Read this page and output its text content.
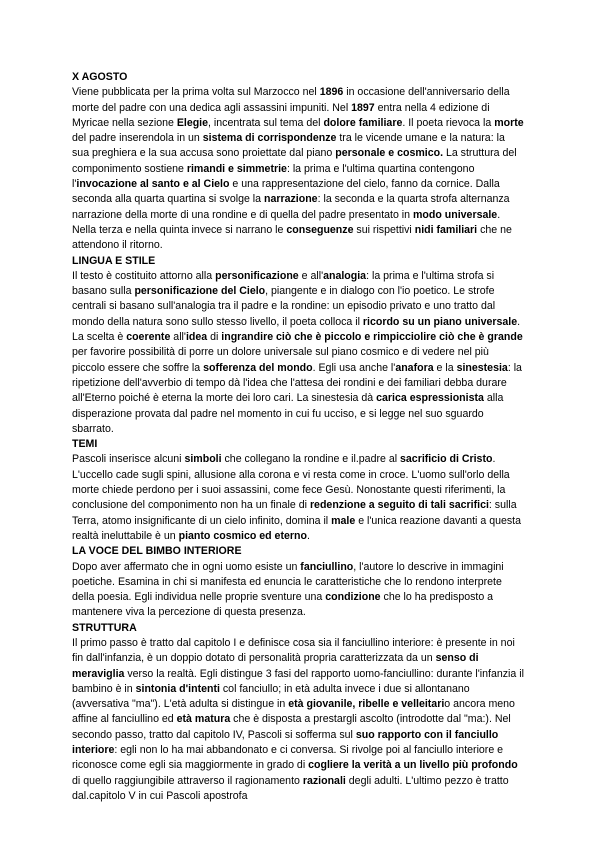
X AGOSTO

Viene pubblicata per la prima volta sul Marzocco nel 1896 in occasione dell'anniversario della morte del padre con una dedica agli assassini impuniti. Nel 1897 entra nella 4 edizione di Myricae nella sezione Elegie, incentrata sul tema del dolore familiare. Il poeta rievoca la morte del padre inserendola in un sistema di corrispondenze tra le vicende umane e la natura: la sua preghiera e la sua accusa sono proiettate dal piano personale e cosmico. La struttura del componimento sostiene rimandi e simmetrie: la prima e l'ultima quartina contengono l'invocazione al santo e al Cielo e una rappresentazione del cielo, fanno da cornice. Dalla seconda alla quarta quartina si svolge la narrazione: la seconda e la quarta strofa alternanza narrazione della morte di una rondine e di quella del padre presentato in modo universale. Nella terza e nella quinta invece si narrano le conseguenze sui rispettivi nidi familiari che ne attendono il ritorno.

LINGUA E STILE

Il testo è costituito attorno alla personificazione e all'analogia: la prima e l'ultima strofa si basano sulla personificazione del Cielo, piangente e in dialogo con l'io poetico. Le strofe centrali si basano sull'analogia tra il padre e la rondine: un episodio privato e uno tratto dal mondo della natura sono sullo stesso livello, il poeta colloca il ricordo su un piano universale. La scelta è coerente all'idea di ingrandire ciò che è piccolo e rimpicciolire ciò che è grande per favorire possibilità di porre un dolore universale sul piano cosmico e di vedere nel più piccolo essere che soffre la sofferenza del mondo. Egli usa anche l'anafora e la sinestesia: la ripetizione dell'avverbio di tempo dà l'idea che l'attesa dei rondini e dei familiari debba durare all'Eterno poiché è eterna la morte dei loro cari. La sinestesia dà carica espressionista alla disperazione provata dal padre nel momento in cui fu ucciso, e si legge nel suo sguardo sbarrato.

TEMI

Pascoli inserisce alcuni simboli che collegano la rondine e il.padre al sacrificio di Cristo. L'uccello cade sugli spini, allusione alla corona e vi resta come in croce. L'uomo sull'orlo della morte chiede perdono per i suoi assassini, come fece Gesù. Nonostante questi riferimenti, la conclusione del componimento non ha un finale di redenzione a seguito di tali sacrifici: sulla Terra, atomo insignificante di un cielo infinito, domina il male e l'unica reazione davanti a questa realtà ineluttabile è un pianto cosmico ed eterno.

LA VOCE DEL BIMBO INTERIORE

Dopo aver affermato che in ogni uomo esiste un fanciullino, l'autore lo descrive in immagini poetiche. Esamina in chi si manifesta ed enuncia le caratteristiche che lo rendono interprete della poesia. Egli individua nelle proprie sventure una condizione che lo ha predisposto a mantenere viva la percezione di questa presenza.

STRUTTURA

Il primo passo è tratto dal capitolo I e definisce cosa sia il fanciullino interiore: è presente in noi fin dall'infanzia, è un doppio dotato di personalità propria caratterizzata da un senso di meraviglia verso la realtà. Egli distingue 3 fasi del rapporto uomo-fanciullino: durante l'infanzia il bambino è in sintonia d'intenti col fanciullo; in età adulta invece i due si allontanano (avversativa "ma"). L'età adulta si distingue in età giovanile, ribelle e velleitario ancora meno affine al fanciullino ed età matura che è disposta a prestargli ascolto (introdotte dal "ma:). Nel secondo passo, tratto dal capitolo IV, Pascoli si sofferma sul suo rapporto con il fanciullo interiore: egli non lo ha mai abbandonato e ci conversa. Si rivolge poi al fanciullo interiore e riconosce come egli sia maggiormente in grado di cogliere la verità a un livello più profondo di quello raggiungibile attraverso il ragionamento razionali degli adulti. L'ultimo pezzo è tratto dal.capitolo V in cui Pascoli apostrofa
